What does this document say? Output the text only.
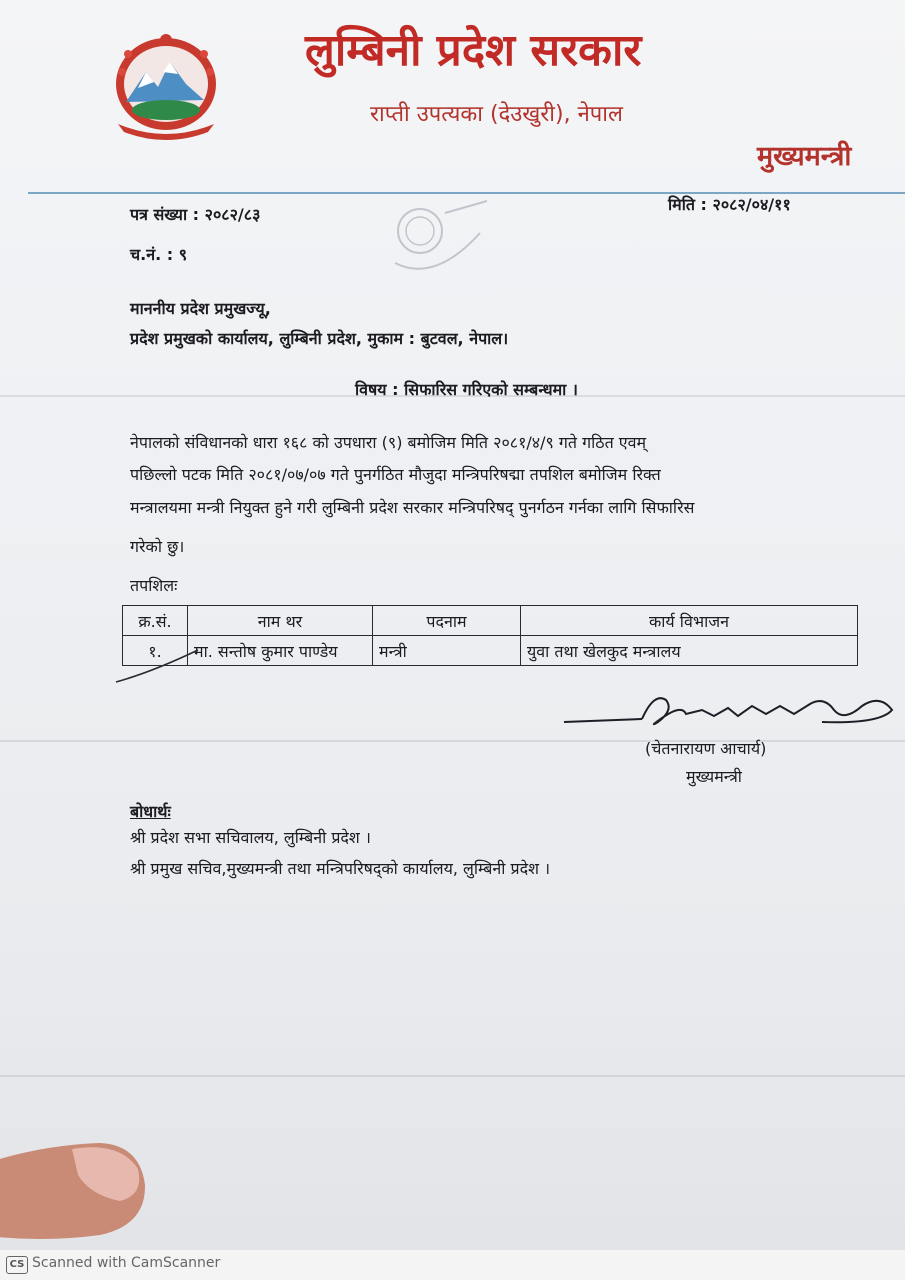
लुम्बिनी प्रदेश सरकार
राप्ती उपत्यका (देउखुरी), नेपाल
मुख्यमन्त्री
पत्र संख्या : २०८२/८३
च.नं. : ९
मिति : २०८२/०४/११
माननीय प्रदेश प्रमुखज्यू,
प्रदेश प्रमुखको कार्यालय, लुम्बिनी प्रदेश, मुकाम : बुटवल, नेपाल।
विषय : सिफारिस गरिएको सम्बन्धमा ।
नेपालको संविधानको धारा १६८ को उपधारा (९) बमोजिम मिति २०८१/४/९ गते गठित एवम्
पछिल्लो पटक मिति २०८१/०७/०७ गते पुनर्गठित मौजुदा मन्त्रिपरिषद्मा तपशिल बमोजिम रिक्त
मन्त्रालयमा मन्त्री नियुक्त हुने गरी लुम्बिनी प्रदेश सरकार मन्त्रिपरिषद् पुनर्गठन गर्नका लागि सिफारिस
गरेको छु।
तपशिलः
क्र.सं.	नाम थर	पदनाम	कार्य विभाजन
१.	मा. सन्तोष कुमार पाण्डेय	मन्त्री	युवा तथा खेलकुद मन्त्रालय
(चेतनारायण आचार्य)
मुख्यमन्त्री
बोधार्थः
श्री प्रदेश सभा सचिवालय, लुम्बिनी प्रदेश ।
श्री प्रमुख सचिव,मुख्यमन्त्री तथा मन्त्रिपरिषद्को कार्यालय, लुम्बिनी प्रदेश ।
CS Scanned with CamScanner
